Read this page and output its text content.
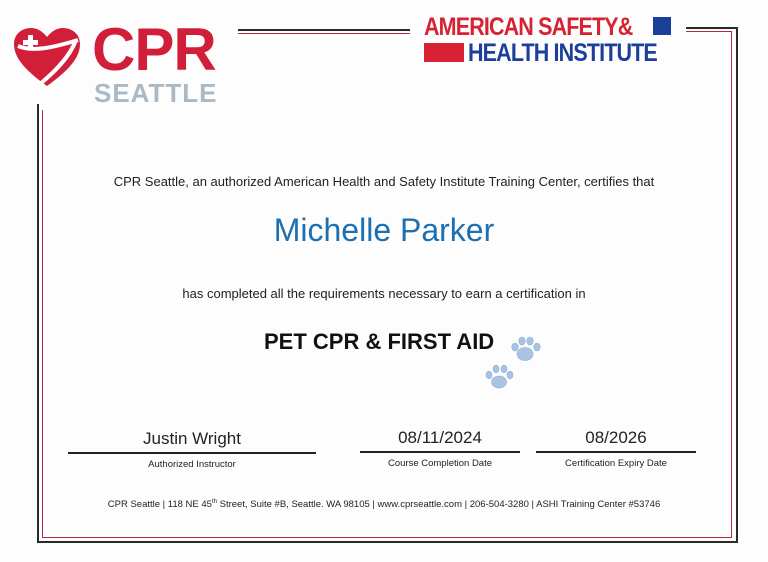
CPR
SEATTLE
AMERICAN SAFETY&
HEALTH INSTITUTE
CPR Seattle, an authorized American Health and Safety Institute Training Center, certifies that
Michelle Parker
has completed all the requirements necessary to earn a certification in
PET CPR & FIRST AID
Justin Wright
Authorized Instructor
08/11/2024
Course Completion Date
08/2026
Certification Expiry Date
CPR Seattle | 118 NE 45th Street, Suite #B, Seattle. WA 98105 | www.cprseattle.com | 206-504-3280 | ASHI Training Center #53746
